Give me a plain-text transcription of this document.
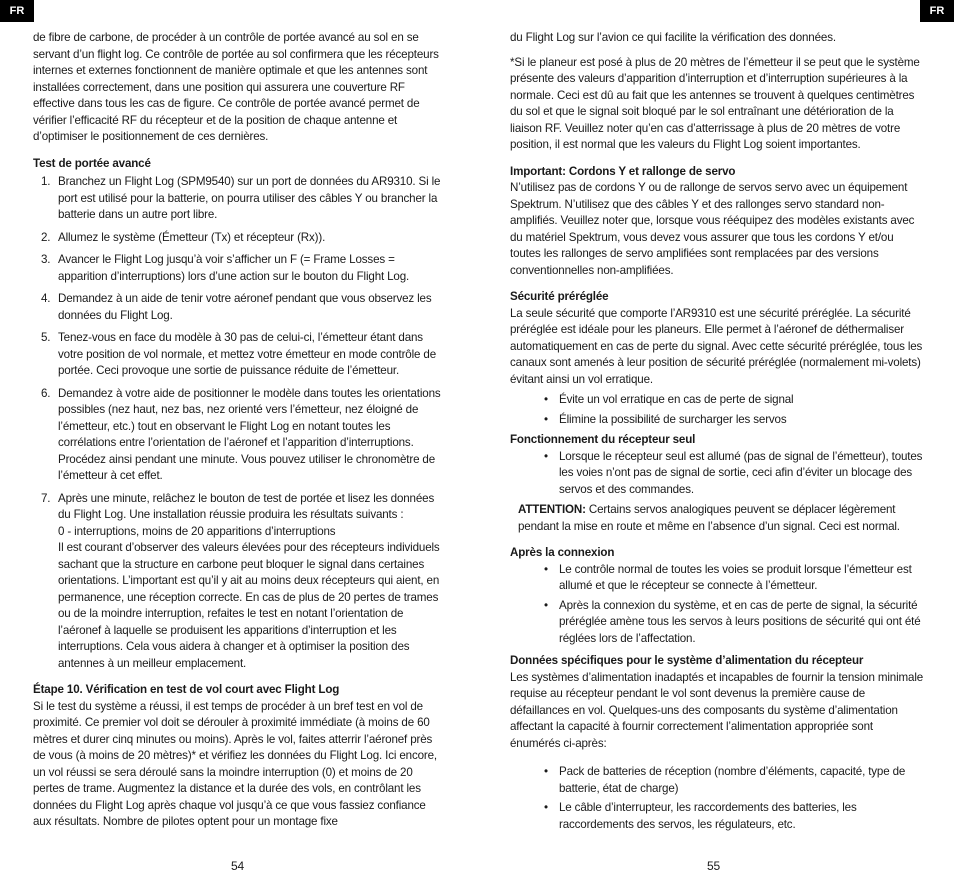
FR	FR

de fibre de carbone, de procéder à un contrôle de portée avancé au sol en se servant d’un flight log. Ce contrôle de portée au sol confirmera que les récepteurs internes et externes fonctionnent de manière optimale et que les antennes sont installées correctement, dans une position qui assurera une couverture RF effective dans tous les cas de figure. Ce contrôle de portée avancé permet de vérifier l’efficacité RF du récepteur et de la position de chaque antenne et d’optimiser le positionnement de ces dernières.

Test de portée avancé

1. Branchez un Flight Log (SPM9540) sur un port de données du AR9310. Si le port est utilisé pour la batterie, on pourra utiliser des câbles Y ou brancher la batterie dans un autre port libre.

2. Allumez le système (Émetteur (Tx) et récepteur (Rx)).

3. Avancer le Flight Log jusqu’à voir s’afficher un F (= Frame Losses = apparition d’interruptions) lors d’une action sur le bouton du Flight Log.

4. Demandez à un aide de tenir votre aéronef pendant que vous observez les données du Flight Log.

5. Tenez-vous en face du modèle à 30 pas de celui-ci, l’émetteur étant dans votre position de vol normale, et mettez votre émetteur en mode contrôle de portée. Ceci provoque une sortie de puissance réduite de l’émetteur.

6. Demandez à votre aide de positionner le modèle dans toutes les orientations possibles (nez haut, nez bas, nez orienté vers l’émetteur, nez éloigné de l’émetteur, etc.) tout en observant le Flight Log en notant toutes les corrélations entre l’orientation de l’aéronef et l’apparition d’interruptions. Procédez ainsi pendant une minute. Vous pouvez utiliser le chronomètre de l’émetteur à cet effet.

7. Après une minute, relâchez le bouton de test de portée et lisez les données du Flight Log. Une installation réussie produira les résultats suivants :

0 - interruptions, moins de 20 apparitions d’interruptions

Il est courant d’observer des valeurs élevées pour des récepteurs individuels sachant que la structure en carbone peut bloquer le signal dans certaines orientations. L’important est qu’il y ait au moins deux récepteurs qui aient, en permanence, une réception correcte. En cas de plus de 20 pertes de trames ou de la moindre interruption, refaites le test en notant l’orientation de l’aéronef à laquelle se produisent les apparitions d’interruption et les interruptions. Cela vous aidera à changer et à optimiser la position des antennes à un meilleur emplacement.

Étape 10. Vérification en test de vol court avec Flight Log

Si le test du système a réussi, il est temps de procéder à un bref test en vol de proximité. Ce premier vol doit se dérouler à proximité immédiate (à moins de 60 mètres et durer cinq minutes ou moins). Après le vol, faites atterrir l’aéronef près de vous (à moins de 20 mètres)* et vérifiez les données du Flight Log. Ici encore, un vol réussi se sera déroulé sans la moindre interruption (0) et moins de 20 pertes de trame. Augmentez la distance et la durée des vols, en contrôlant les données du Flight Log après chaque vol jusqu’à ce que vous fassiez confiance aux résultats. Nombre de pilotes optent pour un montage fixe

54

du Flight Log sur l’avion ce qui facilite la vérification des données.

*Si le planeur est posé à plus de 20 mètres de l’émetteur il se peut que le système présente des valeurs d’apparition d’interruption et d’interruption supérieures à la normale. Ceci est dû au fait que les antennes se trouvent à quelques centimètres du sol et que le signal soit bloqué par le sol entraînant une détérioration de la liaison RF. Veuillez noter qu’en cas d’atterrissage à plus de 20 mètres de votre position, il est normal que les valeurs du Flight Log soient importantes.

Important: Cordons Y et rallonge de servo

N’utilisez pas de cordons Y ou de rallonge de servos servo avec un équipement Spektrum. N’utilisez que des câbles Y et des rallonges servo standard non-amplifiés. Veuillez noter que, lorsque vous rééquipez des modèles existants avec du matériel Spektrum, vous devez vous assurer que tous les cordons Y et/ou toutes les rallonges de servo amplifiées sont remplacées par des versions conventionnelles non-amplifiées.

Sécurité préréglée

La seule sécurité que comporte l’AR9310 est une sécurité préréglée. La sécurité préréglée est idéale pour les planeurs. Elle permet à l’aéronef de déthermaliser automatiquement en cas de perte du signal. Avec cette sécurité préréglée, tous les canaux sont amenés à leur position de sécurité préréglée (normalement mi-volets) évitant ainsi un vol erratique.

• Évite un vol erratique en cas de perte de signal

• Élimine la possibilité de surcharger les servos

Fonctionnement du récepteur seul

• Lorsque le récepteur seul est allumé (pas de signal de l’émetteur), toutes les voies n’ont pas de signal de sortie, ceci afin d’éviter un blocage des servos et des commandes.

ATTENTION: Certains servos analogiques peuvent se déplacer légèrement pendant la mise en route et même en l’absence d’un signal. Ceci est normal.

Après la connexion

• Le contrôle normal de toutes les voies se produit lorsque l’émetteur est allumé et que le récepteur se connecte à l’émetteur.

• Après la connexion du système, et en cas de perte de signal, la sécurité préréglée amène tous les servos à leurs positions de sécurité qui ont été réglées lors de l’affectation.

Données spécifiques pour le système d’alimentation du récepteur

Les systèmes d’alimentation inadaptés et incapables de fournir la tension minimale requise au récepteur pendant le vol sont devenus la première cause de défaillances en vol. Quelques-uns des composants du système d’alimentation affectant la capacité à fournir correctement l’alimentation appropriée sont énumérés ci-après:

• Pack de batteries de réception (nombre d’éléments, capacité, type de batterie, état de charge)

• Le câble d’interrupteur, les raccordements des batteries, les raccordements des servos, les régulateurs, etc.

55
